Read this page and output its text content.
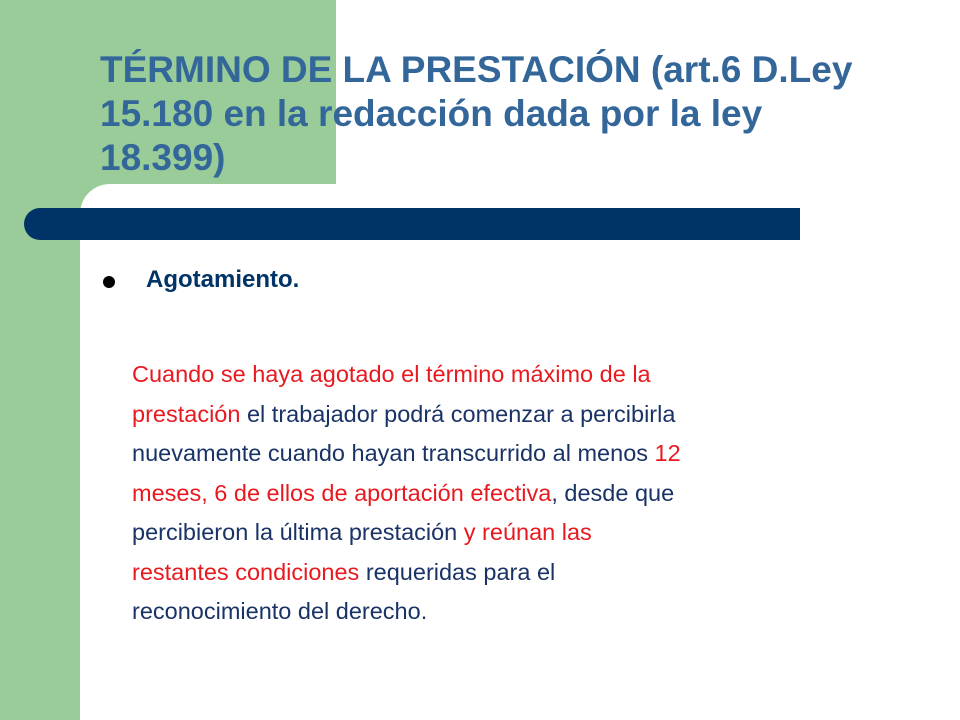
TÉRMINO DE LA PRESTACIÓN (art.6 D.Ley 15.180 en la redacción dada por la ley 18.399)
Agotamiento.
Cuando se haya agotado el término máximo de la
prestación el trabajador podrá comenzar a percibirla
nuevamente cuando hayan transcurrido al menos 12
meses, 6 de ellos de aportación efectiva, desde que
percibieron la última prestación y reúnan las
restantes condiciones requeridas para el
reconocimiento del derecho.
